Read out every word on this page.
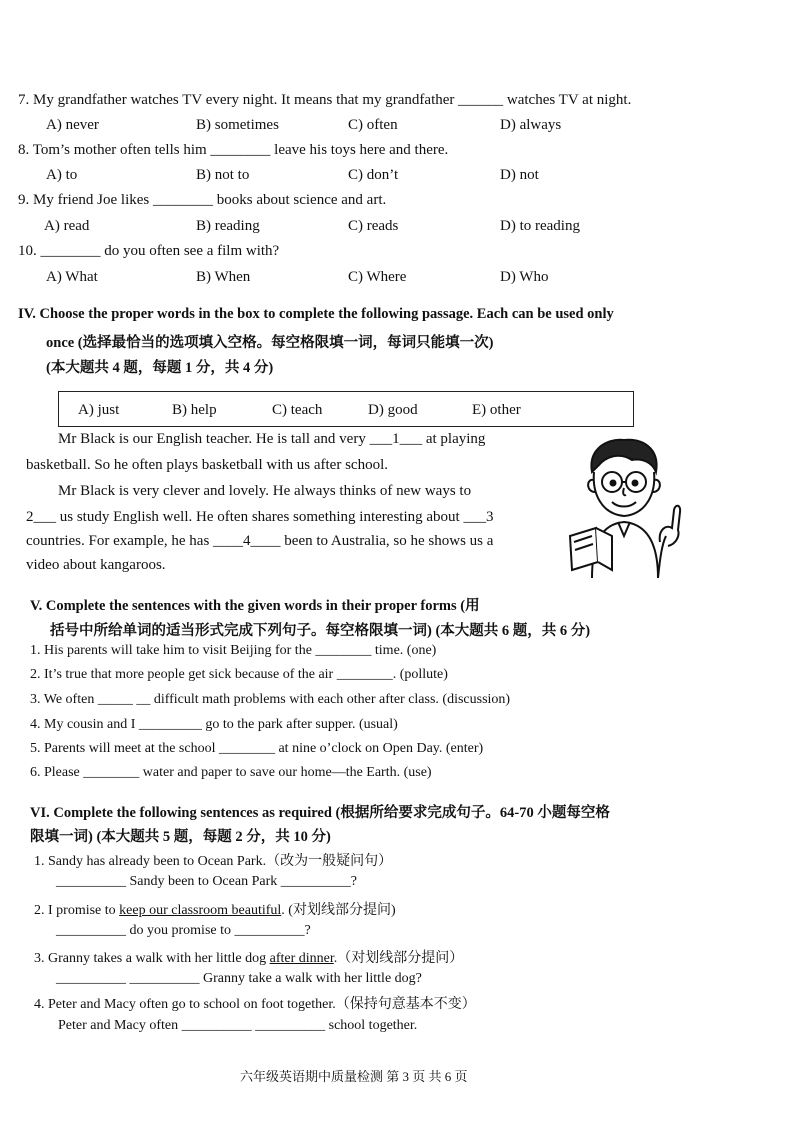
7. My grandfather watches TV every night. It means that my grandfather ______ watches TV at night.
A) never	B) sometimes	C) often	D) always
8. Tom’s mother often tells him ________ leave his toys here and there.
A) to	B) not to	C) don’t	D) not
9. My friend Joe likes ________ books about science and art.
A) read	B) reading	C) reads	D) to reading
10. ________ do you often see a film with?
A) What	B) When	C) Where	D) Who
IV. Choose the proper words in the box to complete the following passage. Each can be used only
once (选择最恰当的选项填入空格。每空格限填一词，每词只能填一次)
(本大题共 4 题，每题 1 分，共 4 分)
A) just	B) help	C) teach	D) good	E) other
Mr Black is our English teacher. He is tall and very ___1___ at playing
basketball. So he often plays basketball with us after school.
Mr Black is very clever and lovely. He always thinks of new ways to
2___ us study English well. He often shares something interesting about ___3
countries. For example, he has ____4____ been to Australia, so he shows us a
video about kangaroos.
V. Complete the sentences with the given words in their proper forms (用
括号中所给单词的适当形式完成下列句子。每空格限填一词) (本大题共 6 题，共 6 分)
1. His parents will take him to visit Beijing for the ________ time. (one)
2. It’s true that more people get sick because of the air ________. (pollute)
3. We often _____ __ difficult math problems with each other after class. (discussion)
4. My cousin and I _________ go to the park after supper. (usual)
5. Parents will meet at the school ________ at nine o’clock on Open Day. (enter)
6. Please ________ water and paper to save our home—the Earth. (use)
VI. Complete the following sentences as required (根据所给要求完成句子。64-70 小题每空格
限填一词) (本大题共 5 题，每题 2 分，共 10 分)
1. Sandy has already been to Ocean Park.（改为一般疑问句）
__________ Sandy been to Ocean Park __________?
2. I promise to keep our classroom beautiful. (对划线部分提问)
__________ do you promise to __________?
3. Granny takes a walk with her little dog after dinner.（对划线部分提问）
__________ __________ Granny take a walk with her little dog?
4. Peter and Macy often go to school on foot together.（保持句意基本不变）
Peter and Macy often __________ __________ school together.
六年级英语期中质量检测 第 3 页 共 6 页
